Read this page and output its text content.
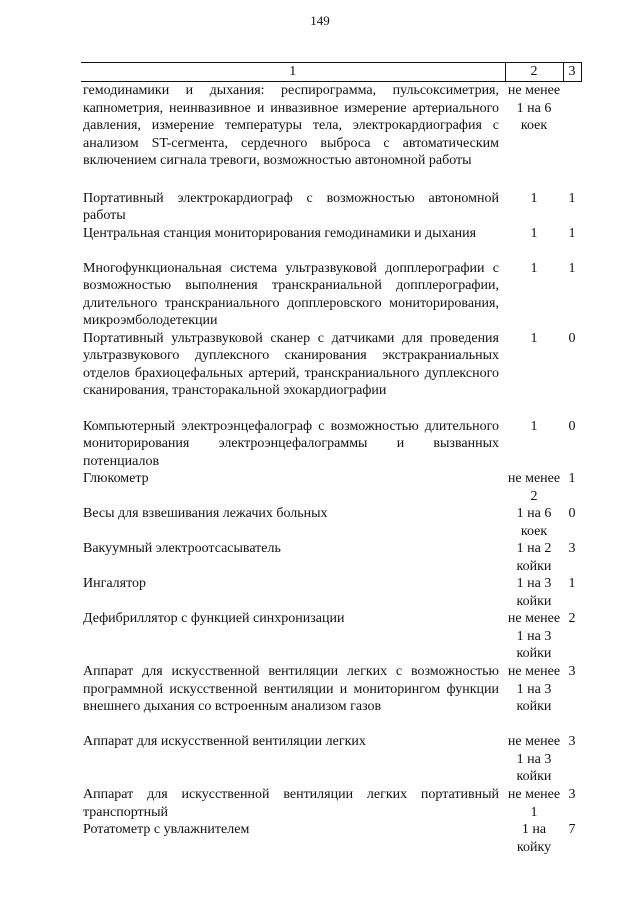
149
1	2	3
гемодинамики и дыхания: респирограмма, пульсоксиметрия, капнометрия, неинвазивное и инвазивное измерение артериального давления, измерение температуры тела, электрокардиография с анализом ST-сегмента, сердечного выброса с автоматическим включением сигнала тревоги, возможностью автономной работы	не менее 1 на 6 коек	
Портативный электрокардиограф с возможностью автономной работы	1	1
Центральная станция мониторирования гемодинамики и дыхания	1	1
Многофункциональная система ультразвуковой допплерографии с возможностью выполнения транскраниальной допплерографии, длительного транскраниального допплеровского мониторирования, микроэмболодетекции	1	1
Портативный ультразвуковой сканер с датчиками для проведения ультразвукового дуплексного сканирования экстракраниальных отделов брахиоцефальных артерий, транскраниального дуплексного сканирования, трансторакальной эхокардиографии	1	0
Компьютерный электроэнцефалограф с возможностью длительного мониторирования электроэнцефалограммы и вызванных потенциалов	1	0
Глюкометр	не менее 2	1
Весы для взвешивания лежачих больных	1 на 6 коек	0
Вакуумный электроотсасыватель	1 на 2 койки	3
Ингалятор	1 на 3 койки	1
Дефибриллятор с функцией синхронизации	не менее 1 на 3 койки	2
Аппарат для искусственной вентиляции легких с возможностью программной искусственной вентиляции и мониторингом функции внешнего дыхания со встроенным анализом газов	не менее 1 на 3 койки	3
Аппарат для искусственной вентиляции легких	не менее 1 на 3 койки	3
Аппарат для искусственной вентиляции легких портативный транспортный	не менее 1	3
Ротатометр с увлажнителем	1 на койку	7
